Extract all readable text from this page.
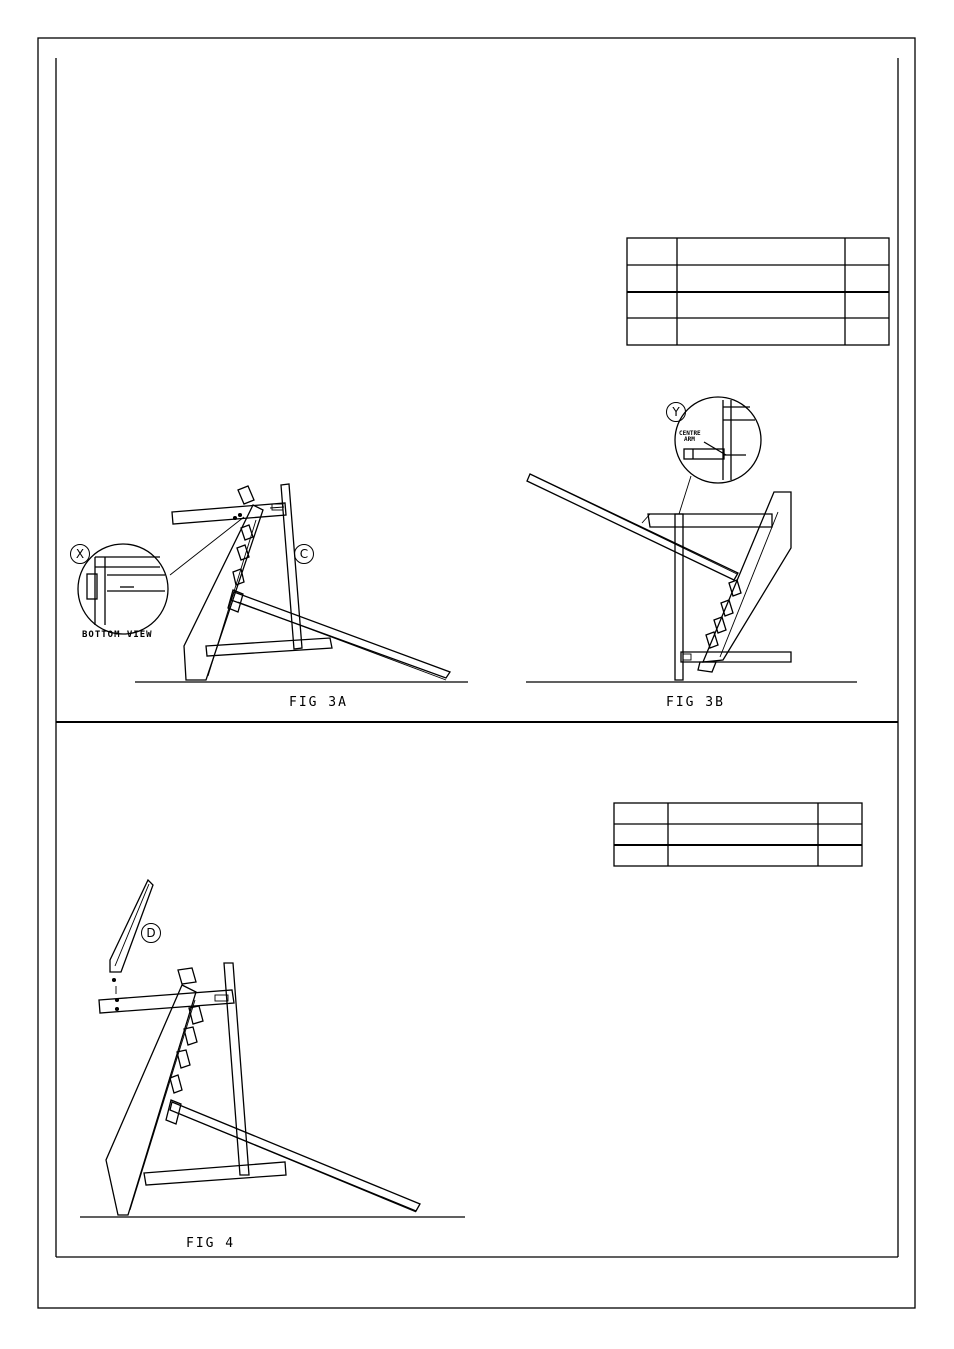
FIG 3A	FIG 3B
FIG 4
X	C
BOTTOM VIEW
Y
CENTRE
ARM
D
